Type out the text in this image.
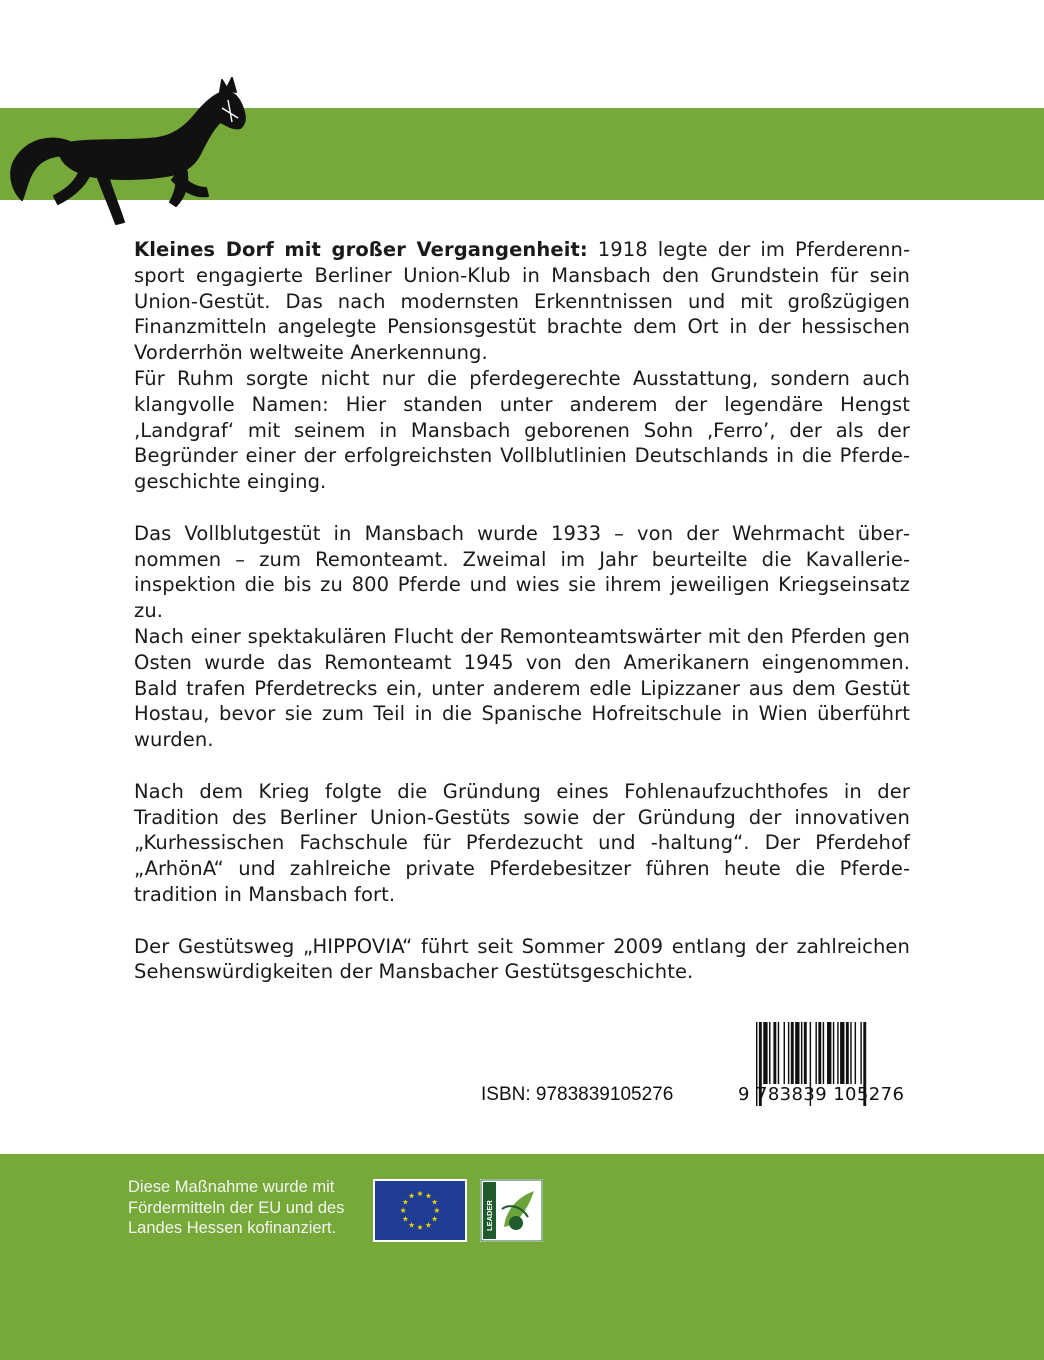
Kleines Dorf mit großer Vergangenheit: 1918 legte der im Pferderennsport engagierte Berliner Union-Klub in Mansbach den Grundstein für sein Union-Gestüt. Das nach modernsten Erkenntnissen und mit großzügigen Finanzmitteln angelegte Pensionsgestüt brachte dem Ort in der hessischen Vorderrhön weltweite Anerkennung.

Für Ruhm sorgte nicht nur die pferdegerechte Ausstattung, sondern auch klangvolle Namen: Hier standen unter anderem der legendäre Hengst ‚Landgraf‘ mit seinem in Mansbach geborenen Sohn ‚Ferro’, der als der Begründer einer der erfolgreichsten Vollblutlinien Deutschlands in die Pferdegeschichte einging.

Das Vollblutgestüt in Mansbach wurde 1933 – von der Wehrmacht übernommen – zum Remonteamt. Zweimal im Jahr beurteilte die Kavallerieinspektion die bis zu 800 Pferde und wies sie ihrem jeweiligen Kriegseinsatz zu.

Nach einer spektakulären Flucht der Remonteamtswärter mit den Pferden gen Osten wurde das Remonteamt 1945 von den Amerikanern eingenommen. Bald trafen Pferdetrecks ein, unter anderem edle Lipizzaner aus dem Gestüt Hostau, bevor sie zum Teil in die Spanische Hofreitschule in Wien überführt wurden.

Nach dem Krieg folgte die Gründung eines Fohlenaufzuchthofes in der Tradition des Berliner Union-Gestüts sowie der Gründung der innovativen „Kurhessischen Fachschule für Pferdezucht und -haltung“. Der Pferdehof „ArhönA“ und zahlreiche private Pferdebesitzer führen heute die Pferdetradition in Mansbach fort.

Der Gestütsweg „HIPPOVIA“ führt seit Sommer 2009 entlang der zahlreichen Sehenswürdigkeiten der Mansbacher Gestütsgeschichte.

ISBN: 9783839105276	9 783839 105276
Diese Maßnahme wurde mit Fördermitteln der EU und des Landes Hessen kofinanziert.	LEADER
